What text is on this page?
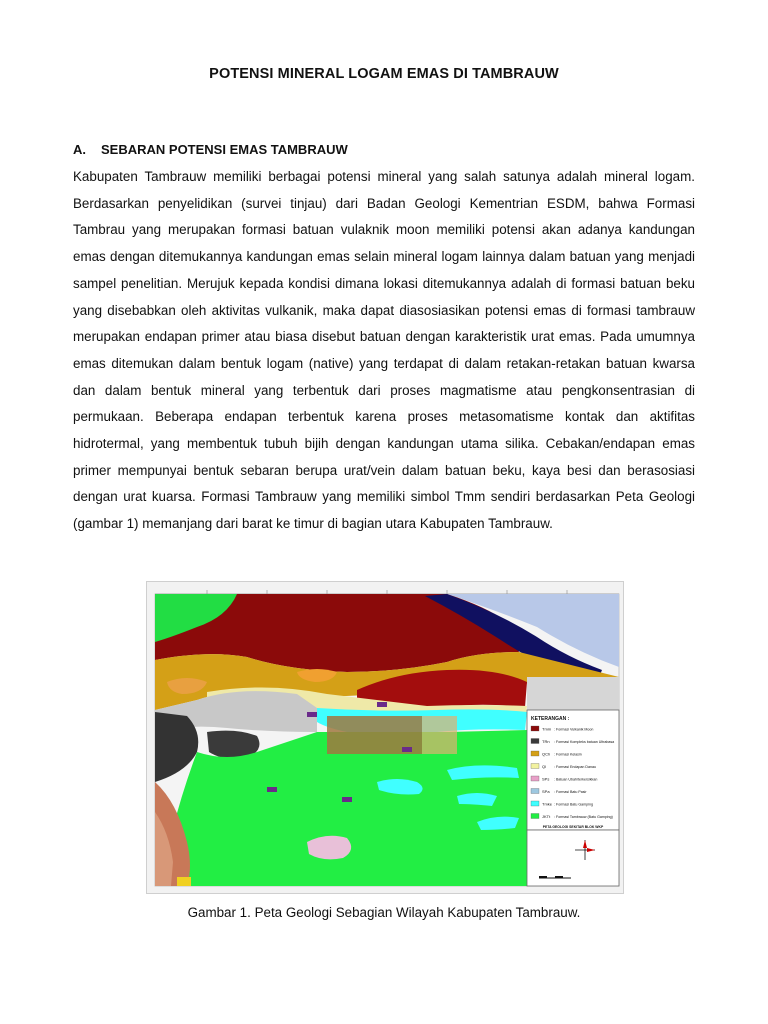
POTENSI MINERAL LOGAM EMAS DI TAMBRAUW
A. SEBARAN POTENSI EMAS TAMBRAUW

Kabupaten Tambrauw memiliki berbagai potensi mineral yang salah satunya adalah mineral logam. Berdasarkan penyelidikan (survei tinjau) dari Badan Geologi Kementrian ESDM, bahwa Formasi Tambrau yang merupakan formasi batuan vulaknik moon memiliki potensi akan adanya kandungan emas dengan ditemukannya kandungan emas selain mineral logam lainnya dalam batuan yang menjadi sampel penelitian. Merujuk kepada kondisi dimana lokasi ditemukannya adalah di formasi batuan beku yang disebabkan oleh aktivitas vulkanik, maka dapat diasosiasikan potensi emas di formasi tambrauw merupakan endapan primer atau biasa disebut batuan dengan karakteristik urat emas. Pada umumnya emas ditemukan dalam bentuk logam (native) yang terdapat di dalam retakan-retakan batuan kwarsa dan dalam bentuk mineral yang terbentuk dari proses magmatisme atau pengkonsentrasian di permukaan. Beberapa endapan terbentuk karena proses metasomatisme kontak dan aktifitas hidrotermal, yang membentuk tubuh bijih dengan kandungan utama silika. Cebakan/endapan emas primer mempunyai bentuk sebaran berupa urat/vein dalam batuan beku, kaya besi dan berasosiasi dengan urat kuarsa. Formasi Tambrauw yang memiliki simbol Tmm sendiri berdasarkan Peta Geologi (gambar 1) memanjang dari barat ke timur di bagian utara Kabupaten Tambrauw.

KETERANGAN :
Tmm : Formasi Vulkanik Moon
TRn : Formasi Kompleks batuan Ultrabasa
QCh : Formasi Kelasin
Ql : Formasi Endapan Danau
SPs : Batuan Ubah/terkersikkan
SPa : Formasi Batu Pasir
Tmke : Formasi Batu Gamping
JKTt : Formasi Tambrauw (Batu Gamping)
PETA GEOLOGI SEKITAR BLOK WKP
Gambar 1. Peta Geologi Sebagian Wilayah Kabupaten Tambrauw.
